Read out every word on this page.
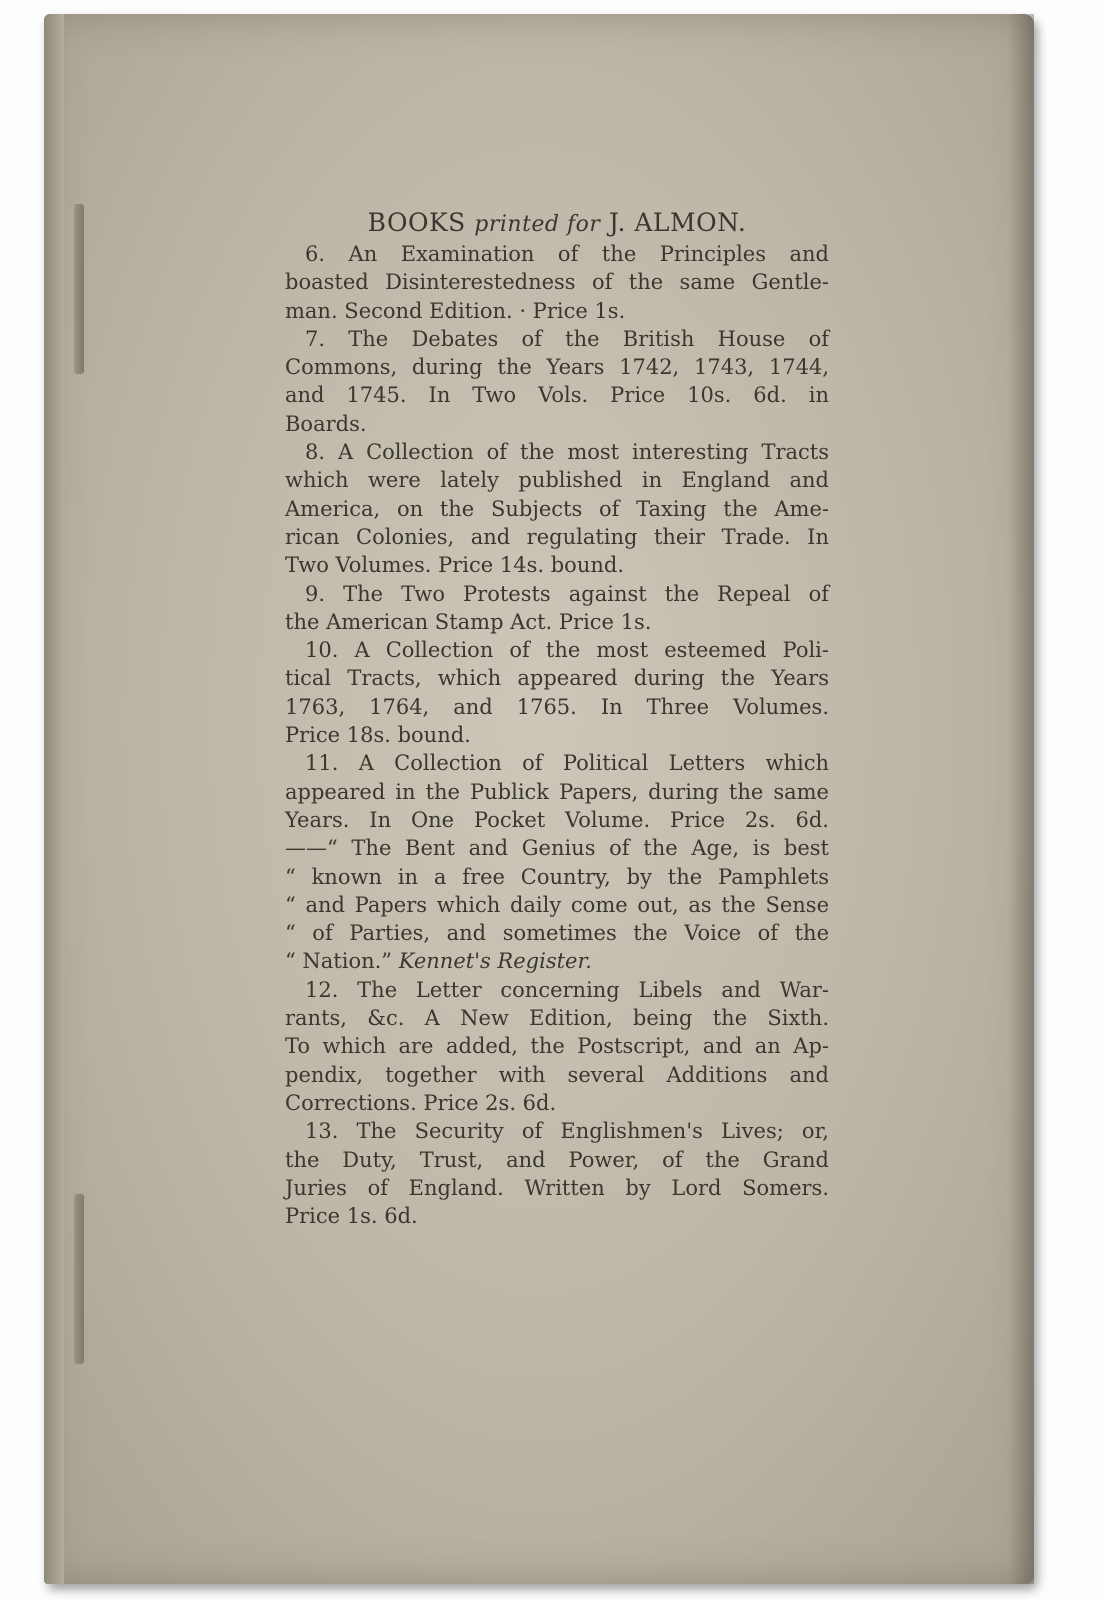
BOOKS printed for J. ALMON.
6. An Examination of the Principles and
boasted Disinterestedness of the same Gentle-
man. Second Edition. · Price 1s.
7. The Debates of the British House of
Commons, during the Years 1742, 1743, 1744,
and 1745. In Two Vols. Price 10s. 6d. in
Boards.
8. A Collection of the most interesting Tracts
which were lately published in England and
America, on the Subjects of Taxing the Ame-
rican Colonies, and regulating their Trade. In
Two Volumes. Price 14s. bound.
9. The Two Protests against the Repeal of
the American Stamp Act. Price 1s.
10. A Collection of the most esteemed Poli-
tical Tracts, which appeared during the Years
1763, 1764, and 1765. In Three Volumes.
Price 18s. bound.
11. A Collection of Political Letters which
appeared in the Publick Papers, during the same
Years. In One Pocket Volume. Price 2s. 6d.
——“ The Bent and Genius of the Age, is best
“ known in a free Country, by the Pamphlets
“ and Papers which daily come out, as the Sense
“ of Parties, and sometimes the Voice of the
“ Nation.” Kennet's Register.
12. The Letter concerning Libels and War-
rants, &c. A New Edition, being the Sixth.
To which are added, the Postscript, and an Ap-
pendix, together with several Additions and
Corrections. Price 2s. 6d.
13. The Security of Englishmen's Lives; or,
the Duty, Trust, and Power, of the Grand
Juries of England. Written by Lord Somers.
Price 1s. 6d.
